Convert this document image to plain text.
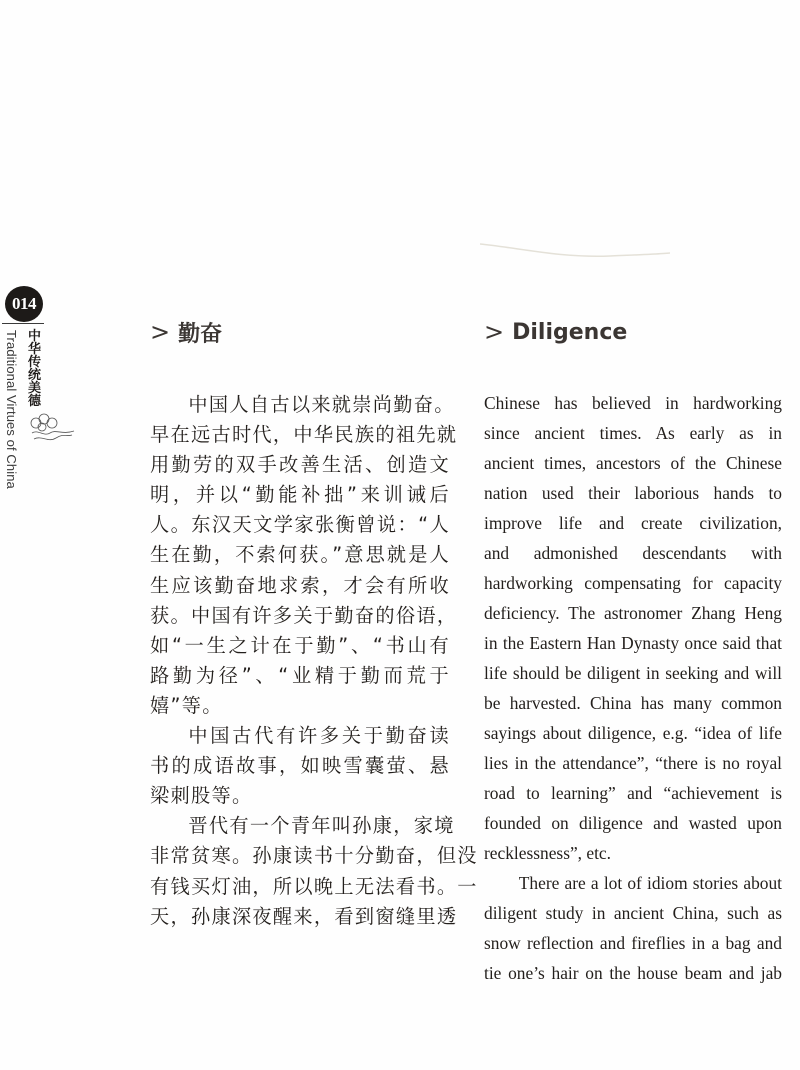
014
中华传统美德
Traditional Virtues of China	> 勤奋
中国人自古以来就崇尚勤奋。
早在远古时代，中华民族的祖先就
用勤劳的双手改善生活、创造文
明，并以“勤能补拙”来训诫后
人。东汉天文学家张衡曾说：“人
生在勤，不索何获。”意思就是人
生应该勤奋地求索，才会有所收
获。中国有许多关于勤奋的俗语，
如“一生之计在于勤”、“书山有
路勤为径”、“业精于勤而荒于
嬉”等。
中国古代有许多关于勤奋读
书的成语故事，如映雪囊萤、悬
梁刺股等。
晋代有一个青年叫孙康，家境
非常贫寒。孙康读书十分勤奋，但没
有钱买灯油，所以晚上无法看书。一
天，孙康深夜醒来，看到窗缝里透
> Diligence
Chinese has believed in hardworking
since ancient times. As early as in
ancient times, ancestors of the Chinese
nation used their laborious hands to
improve life and create civilization,
and admonished descendants with
hardworking compensating for capacity
deficiency. The astronomer Zhang Heng
in the Eastern Han Dynasty once said that
life should be diligent in seeking and will
be harvested. China has many common
sayings about diligence, e.g. “idea of life
lies in the attendance”, “there is no royal
road to learning” and “achievement is
founded on diligence and wasted upon
recklessness”, etc.
There are a lot of idiom stories about
diligent study in ancient China, such as
snow reflection and fireflies in a bag and
tie one’s hair on the house beam and jab
